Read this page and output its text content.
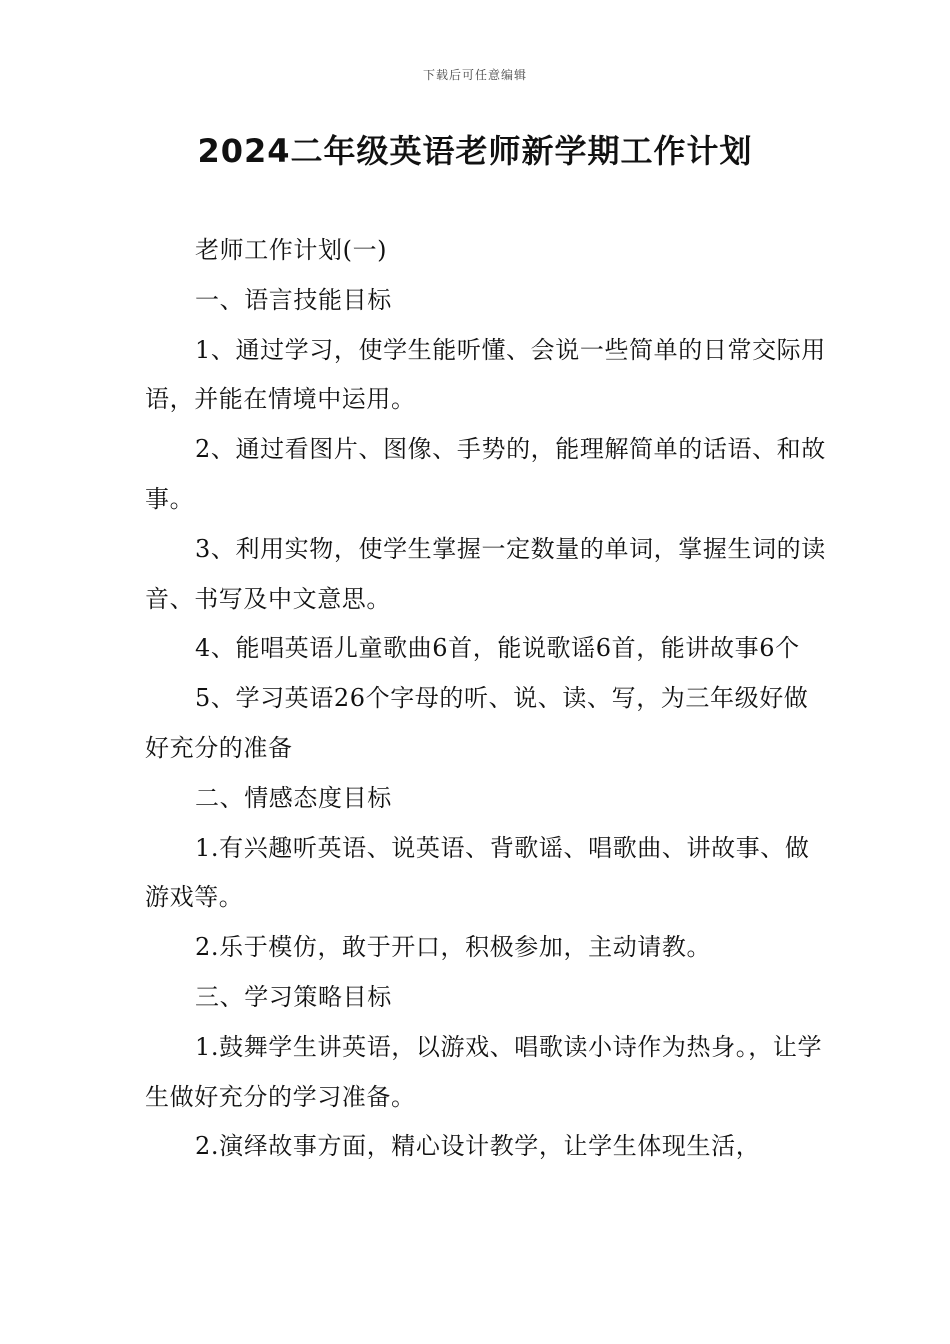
下载后可任意编辑
2024二年级英语老师新学期工作计划

老师工作计划(一)

一、语言技能目标

1、通过学习，使学生能听懂、会说一些简单的日常交际用语，并能在情境中运用。

2、通过看图片、图像、手势的，能理解简单的话语、和故事。

3、利用实物，使学生掌握一定数量的单词，掌握生词的读音、书写及中文意思。

4、能唱英语儿童歌曲6首，能说歌谣6首，能讲故事6个

5、学习英语26个字母的听、说、读、写，为三年级好做好充分的准备

二、情感态度目标

1.有兴趣听英语、说英语、背歌谣、唱歌曲、讲故事、做游戏等。

2.乐于模仿，敢于开口，积极参加，主动请教。

三、学习策略目标

1.鼓舞学生讲英语，以游戏、唱歌读小诗作为热身。，让学生做好充分的学习准备。

2.演绎故事方面，精心设计教学，让学生体现生活，
